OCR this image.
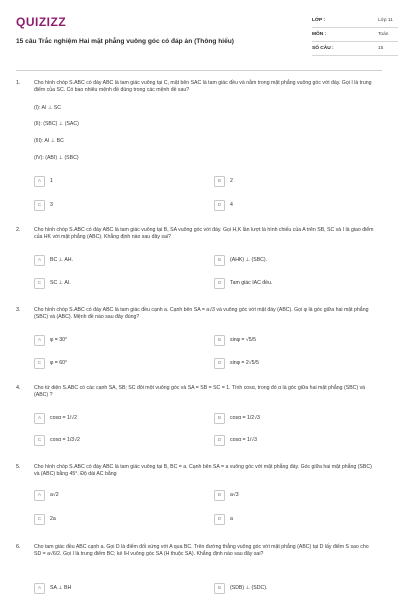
QUIZIZZ
15 câu Trắc nghiệm Hai mặt phẳng vuông góc có đáp án (Thông hiểu)
LỚP :	Lớp 11
MÔN :	Toán
SỐ CÂU :	15
1.	Cho hình chóp S.ABC có đáy ABC là tam giác vuông tại C, mặt bên SAC là tam giác đều và nằm trong mặt phẳng vuông góc với đáy. Gọi I là trung điểm của SC. Có bao nhiêu mệnh đề đúng trong các mệnh đề sau?
(I): AI ⊥ SC
(II): (SBC) ⊥ (SAC)
(III): AI ⊥ BC
(IV): (ABI) ⊥ (SBC)
A	1	B	2
C	3	D	4
2.	Cho hình chóp S.ABC có đáy ABC là tam giác vuông tại B, SA vuông góc với đáy. Gọi H,K lần lượt là hình chiếu của A trên SB, SC và I là giao điểm của HK với mặt phẳng (ABC). Khẳng định nào sau đây sai?
A	BC ⊥ AH.	B	(AHK) ⊥ (SBC).
C	SC ⊥ AI.	D	Tam giác IAC đều.
3.	Cho hình chóp S.ABC có đáy ABC là tam giác đều cạnh a. Cạnh bên SA = a√3 và vuông góc với mặt đáy (ABC). Gọi φ là góc giữa hai mặt phẳng (SBC) và (ABC). Mệnh đề nào sau đây đúng?
A	φ = 30°	B	sinφ = √5/5
C	φ = 60°	D	sinφ = 2√5/5
4.	Cho tứ diện S.ABC có các cạnh SA, SB; SC đôi một vuông góc và SA = SB = SC = 1. Tính cosα, trong đó α là góc giữa hai mặt phẳng (SBC) và (ABC) ?
A	cosα = 1/√2	B	cosα = 1/2√3
C	cosα = 1/3√2	D	cosα = 1/√3
5.	Cho hình chóp S.ABC có đáy ABC là tam giác vuông tại B, BC = a. Cạnh bên SA = a vuông góc với mặt phẳng đáy. Góc giữa hai mặt phẳng (SBC) và (ABC) bằng 45°. Độ dài AC bằng
A	a√2	B	a√3
C	2a	D	a
6.	Cho tam giác đều ABC cạnh a. Gọi D là điểm đối xứng với A qua BC. Trên đường thẳng vuông góc với mặt phẳng (ABC) tại D lấy điểm S sao cho SD = a√6/2. Gọi I là trung điểm BC; kẻ IH vuông góc SA (H thuộc SA). Khẳng định nào sau đây sai?
A	SA ⊥ BH	B	(SDB) ⊥ (SDC).
